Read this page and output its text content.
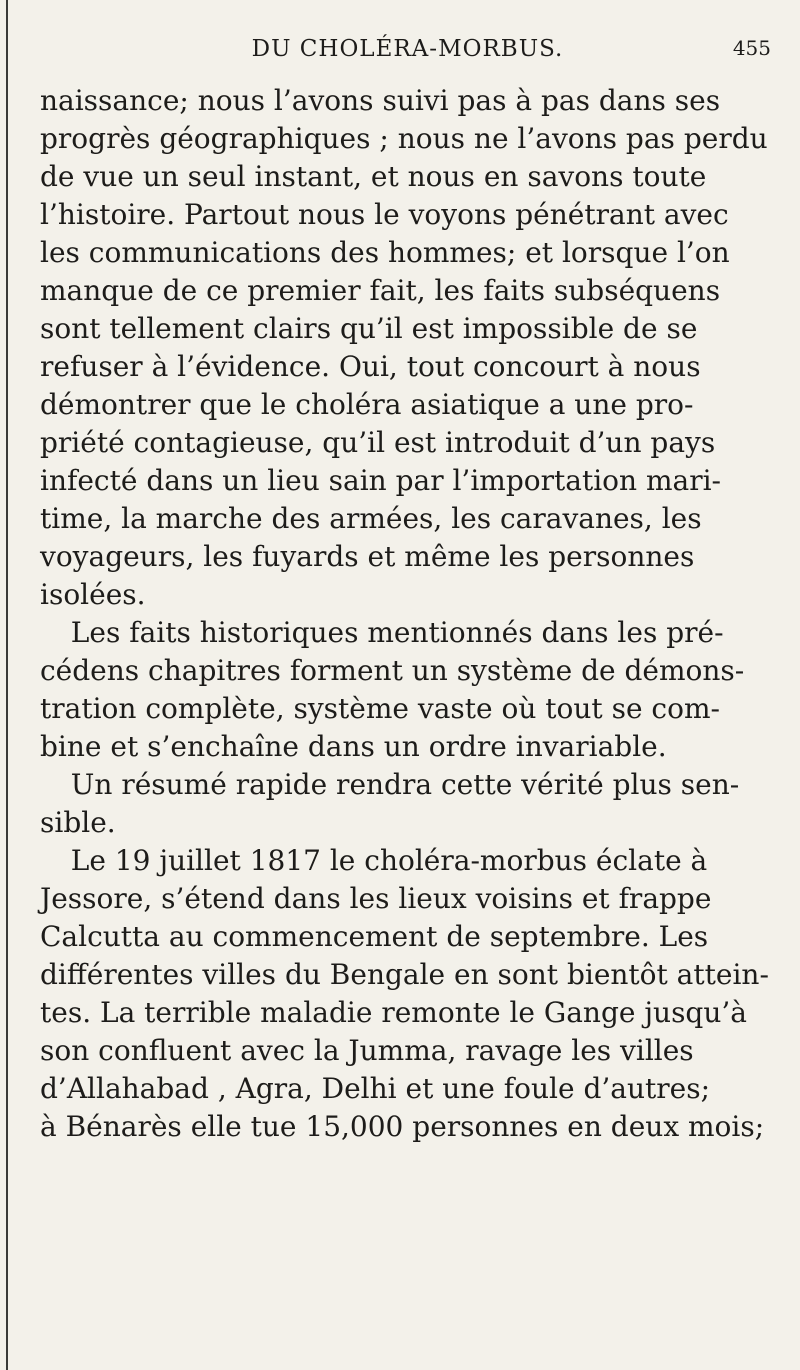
DU CHOLÉRA-MORBUS.	455
naissance; nous l’avons suivi pas à pas dans ses
progrès géographiques ; nous ne l’avons pas perdu
de vue un seul instant, et nous en savons toute
l’histoire. Partout nous le voyons pénétrant avec
les communications des hommes; et lorsque l’on
manque de ce premier fait, les faits subséquens
sont tellement clairs qu’il est impossible de se
refuser à l’évidence. Oui, tout concourt à nous
démontrer que le choléra asiatique a une pro-
priété contagieuse, qu’il est introduit d’un pays
infecté dans un lieu sain par l’importation mari-
time, la marche des armées, les caravanes, les
voyageurs, les fuyards et même les personnes
isolées.
Les faits historiques mentionnés dans les pré-
cédens chapitres forment un système de démons-
tration complète, système vaste où tout se com-
bine et s’enchaîne dans un ordre invariable.
Un résumé rapide rendra cette vérité plus sen-
sible.
Le 19 juillet 1817 le choléra-morbus éclate à
Jessore, s’étend dans les lieux voisins et frappe
Calcutta au commencement de septembre. Les
différentes villes du Bengale en sont bientôt attein-
tes. La terrible maladie remonte le Gange jusqu’à
son confluent avec la Jumma, ravage les villes
d’Allahabad , Agra, Delhi et une foule d’autres;
à Bénarès elle tue 15,000 personnes en deux mois;
